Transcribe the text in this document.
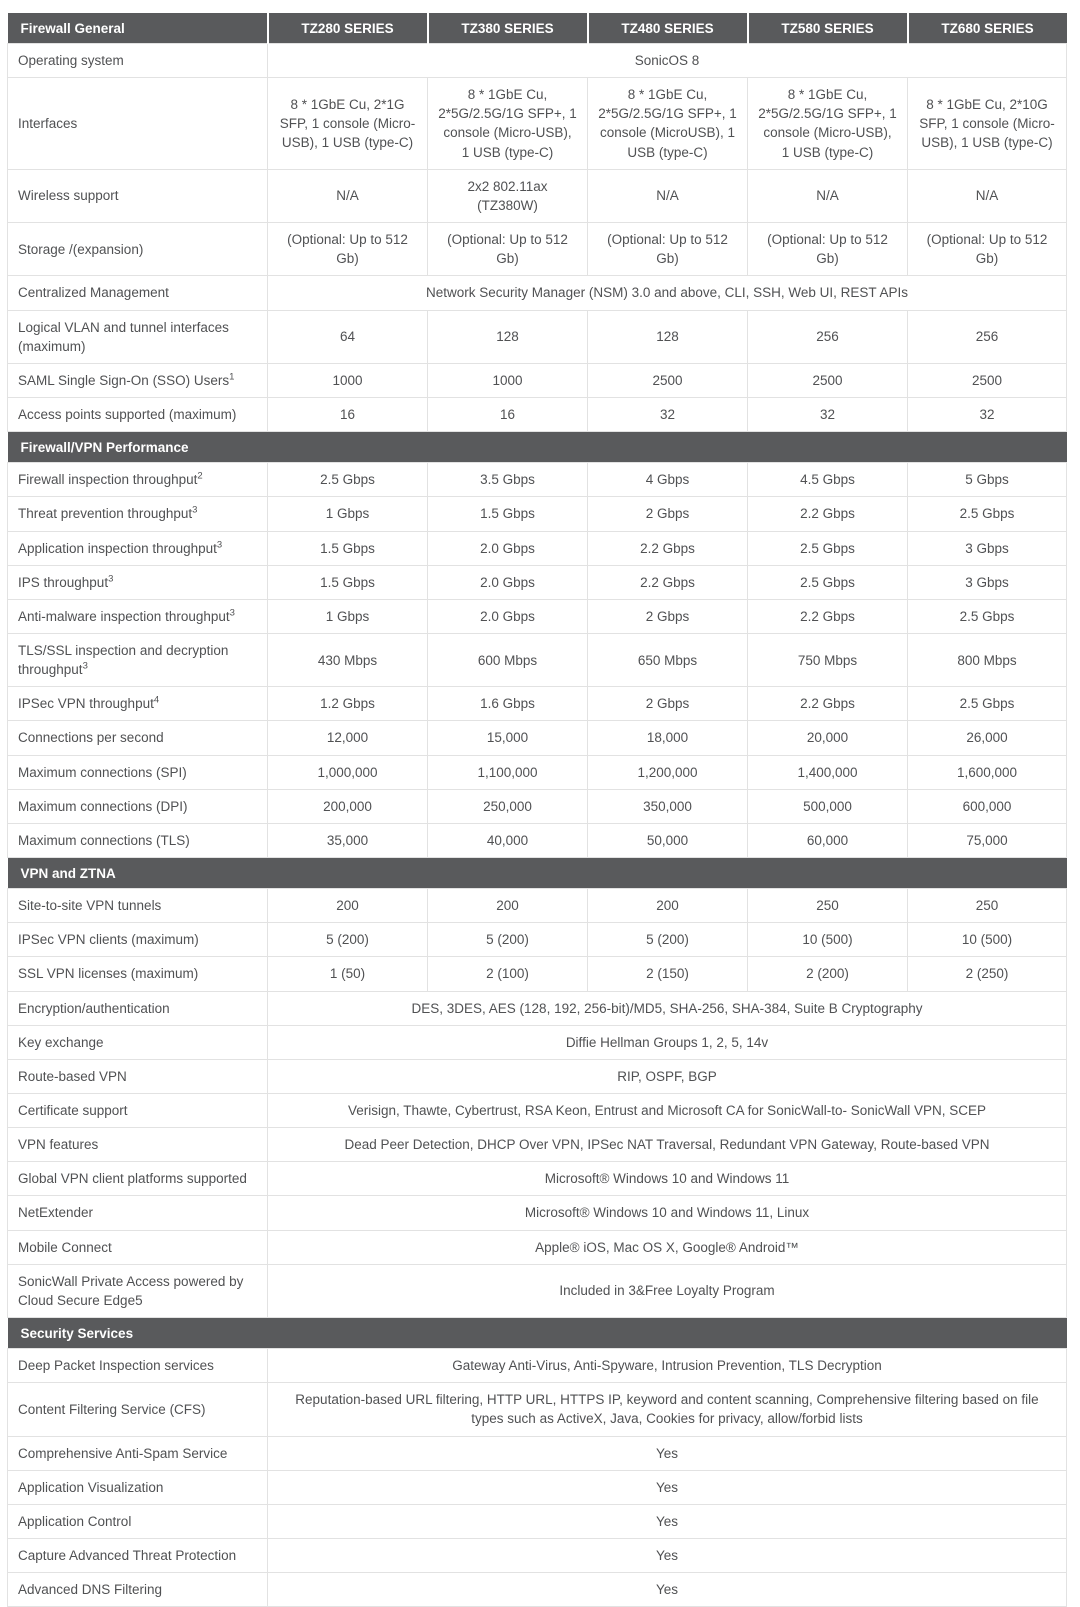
Firewall General	TZ280 SERIES	TZ380 SERIES	TZ480 SERIES	TZ580 SERIES	TZ680 SERIES
Operating system	SonicOS 8				
Interfaces	8 * 1GbE Cu, 2*1G SFP, 1 console (Micro-USB), 1 USB (type-C)	8 * 1GbE Cu, 2*5G/2.5G/1G SFP+, 1 console (Micro-USB), 1 USB (type-C)	8 * 1GbE Cu, 2*5G/2.5G/1G SFP+, 1 console (MicroUSB), 1 USB (type-C)	8 * 1GbE Cu, 2*5G/2.5G/1G SFP+, 1 console (Micro-USB), 1 USB (type-C)	8 * 1GbE Cu, 2*10G SFP, 1 console (Micro-USB), 1 USB (type-C)
Wireless support	N/A	2x2 802.11ax (TZ380W)	N/A	N/A	N/A
Storage /(expansion)	(Optional: Up to 512 Gb)	(Optional: Up to 512 Gb)	(Optional: Up to 512 Gb)	(Optional: Up to 512 Gb)	(Optional: Up to 512 Gb)
Centralized Management	Network Security Manager (NSM) 3.0 and above, CLI, SSH, Web UI, REST APIs				
Logical VLAN and tunnel interfaces (maximum)	64	128	128	256	256
SAML Single Sign-On (SSO) Users$^1$	1000	1000	2500	2500	2500
Access points supported (maximum)	16	16	32	32	32
Firewall/VPN Performance					
Firewall inspection throughput$^2$	2.5 Gbps	3.5 Gbps	4 Gbps	4.5 Gbps	5 Gbps
Threat prevention throughput$^3$	1 Gbps	1.5 Gbps	2 Gbps	2.2 Gbps	2.5 Gbps
Application inspection throughput$^3$	1.5 Gbps	2.0 Gbps	2.2 Gbps	2.5 Gbps	3 Gbps
IPS throughput$^3$	1.5 Gbps	2.0 Gbps	2.2 Gbps	2.5 Gbps	3 Gbps
Anti-malware inspection throughput$^3$	1 Gbps	2.0 Gbps	2 Gbps	2.2 Gbps	2.5 Gbps
TLS/SSL inspection and decryption throughput$^3$	430 Mbps	600 Mbps	650 Mbps	750 Mbps	800 Mbps
IPSec VPN throughput$^4$	1.2 Gbps	1.6 Gbps	2 Gbps	2.2 Gbps	2.5 Gbps
Connections per second	12,000	15,000	18,000	20,000	26,000
Maximum connections (SPI)	1,000,000	1,100,000	1,200,000	1,400,000	1,600,000
Maximum connections (DPI)	200,000	250,000	350,000	500,000	600,000
Maximum connections (TLS)	35,000	40,000	50,000	60,000	75,000
VPN and ZTNA					
Site-to-site VPN tunnels	200	200	200	250	250
IPSec VPN clients (maximum)	5 (200)	5 (200)	5 (200)	10 (500)	10 (500)
SSL VPN licenses (maximum)	1 (50)	2 (100)	2 (150)	2 (200)	2 (250)
Encryption/authentication	DES, 3DES, AES (128, 192, 256-bit)/MD5, SHA-256, SHA-384, Suite B Cryptography				
Key exchange	Diffie Hellman Groups 1, 2, 5, 14v				
Route-based VPN	RIP, OSPF, BGP				
Certificate support	Verisign, Thawte, Cybertrust, RSA Keon, Entrust and Microsoft CA for SonicWall-to- SonicWall VPN, SCEP				
VPN features	Dead Peer Detection, DHCP Over VPN, IPSec NAT Traversal, Redundant VPN Gateway, Route-based VPN				
Global VPN client platforms supported	Microsoft® Windows 10 and Windows 11				
NetExtender	Microsoft® Windows 10 and Windows 11, Linux				
Mobile Connect	Apple® iOS, Mac OS X, Google® Android™				
SonicWall Private Access powered by Cloud Secure Edge5	Included in 3&Free Loyalty Program				
Security Services					
Deep Packet Inspection services	Gateway Anti-Virus, Anti-Spyware, Intrusion Prevention, TLS Decryption				
Content Filtering Service (CFS)	Reputation-based URL filtering, HTTP URL, HTTPS IP, keyword and content scanning, Comprehensive filtering based on file types such as ActiveX, Java, Cookies for privacy, allow/forbid lists				
Comprehensive Anti-Spam Service	Yes				
Application Visualization	Yes				
Application Control	Yes				
Capture Advanced Threat Protection	Yes				
Advanced DNS Filtering	Yes				
